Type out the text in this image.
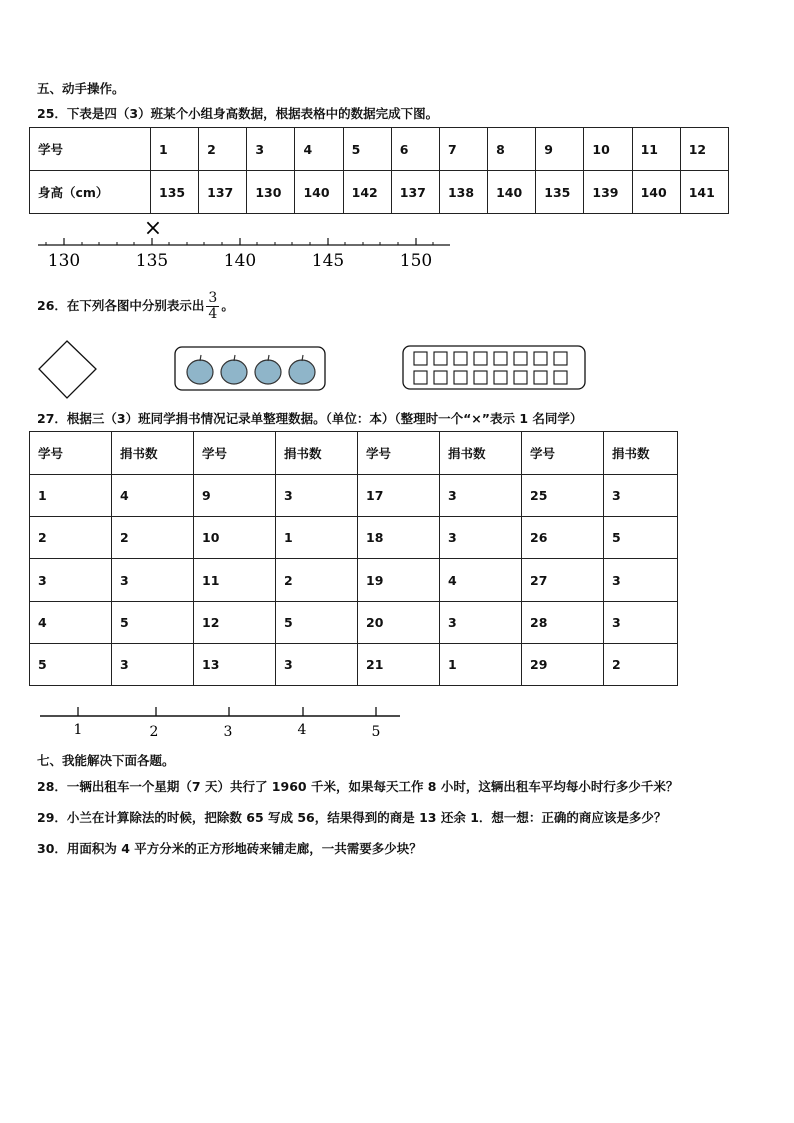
五、动手操作。
25．下表是四（3）班某个小组身高数据，根据表格中的数据完成下图。
学号	1	2	3	4	5	6	7	8	9	10	11	12
身高（cm）	135	137	130	140	142	137	138	140	135	139	140	141
×
130	135	140	145	150
26．在下列各图中分别表示出 $\frac{3}{4}$ 。
27．根据三（3）班同学捐书情况记录单整理数据。（单位：本）（整理时一个“×”表示 1 名同学）
学号	捐书数	学号	捐书数	学号	捐书数	学号	捐书数
1	4	9	3	17	3	25	3
2	2	10	1	18	3	26	5
3	3	11	2	19	4	27	3
4	5	12	5	20	3	28	3
5	3	13	3	21	1	29	2
1	2	3	4	5
七、我能解决下面各题。
28．一辆出租车一个星期（7 天）共行了 1960 千米，如果每天工作 8 小时，这辆出租车平均每小时行多少千米？
29．小兰在计算除法的时候，把除数 65 写成 56，结果得到的商是 13 还余 1．想一想：正确的商应该是多少？
30．用面积为 4 平方分米的正方形地砖来铺走廊，一共需要多少块？
